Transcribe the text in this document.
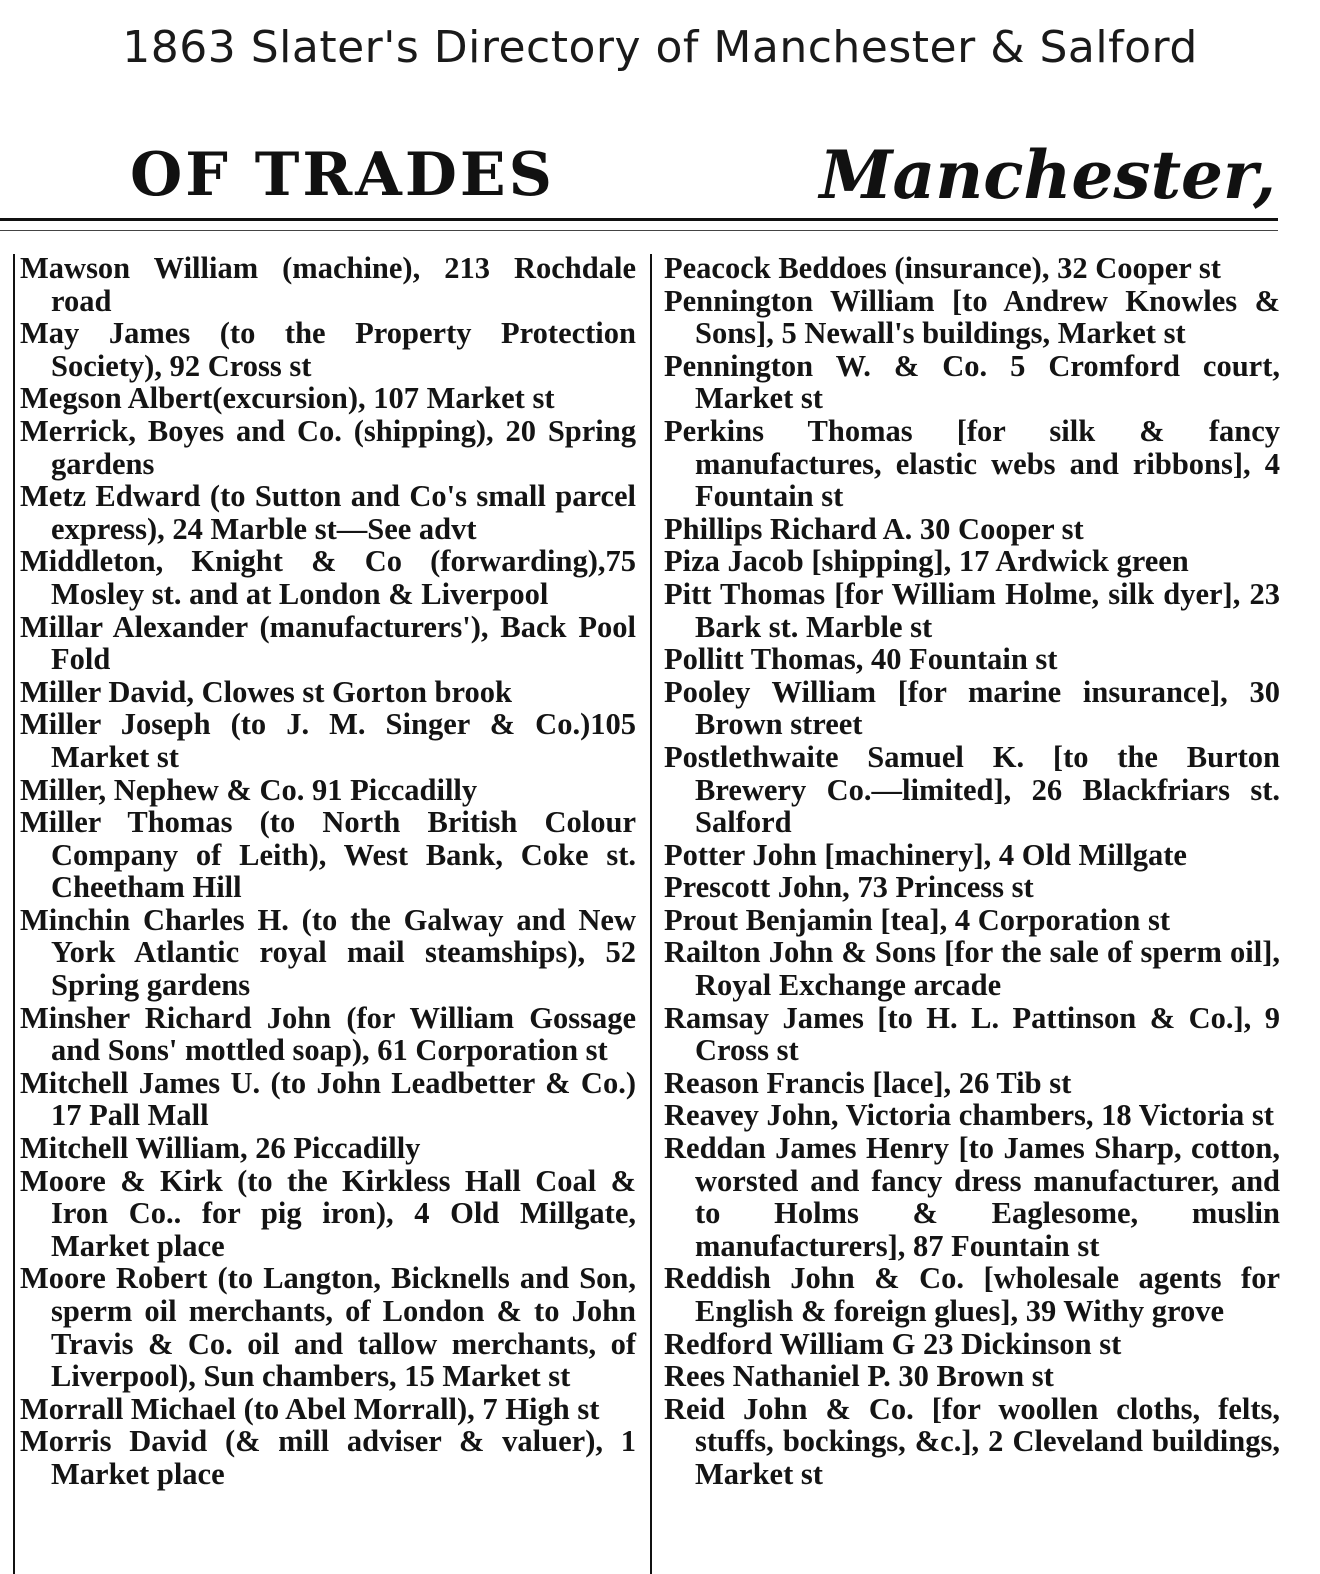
1863 Slater's Directory of Manchester & Salford
OF TRADES	Manchester,

Mawson William (machine), 213 Rochdale road

May James (to the Property Protection Society), 92 Cross st

Megson Albert(excursion), 107 Market st

Merrick, Boyes and Co. (shipping), 20 Spring gardens

Metz Edward (to Sutton and Co's small parcel express), 24 Marble st—See advt

Middleton, Knight & Co (forwarding),75 Mosley st. and at London & Liverpool

Millar Alexander (manufacturers'), Back Pool Fold

Miller David, Clowes st Gorton brook

Miller Joseph (to J. M. Singer & Co.)105 Market st

Miller, Nephew & Co. 91 Piccadilly

Miller Thomas (to North British Colour Company of Leith), West Bank, Coke st. Cheetham Hill

Minchin Charles H. (to the Galway and New York Atlantic royal mail steamships), 52 Spring gardens

Minsher Richard John (for William Gossage and Sons' mottled soap), 61 Corporation st

Mitchell James U. (to John Leadbetter & Co.) 17 Pall Mall

Mitchell William, 26 Piccadilly

Moore & Kirk (to the Kirkless Hall Coal & Iron Co.. for pig iron), 4 Old Millgate, Market place

Moore Robert (to Langton, Bicknells and Son, sperm oil merchants, of London & to John Travis & Co. oil and tallow merchants, of Liverpool), Sun chambers, 15 Market st

Morrall Michael (to Abel Morrall), 7 High st

Morris David (& mill adviser & valuer), 1 Market place

Peacock Beddoes (insurance), 32 Cooper st

Pennington William [to Andrew Knowles & Sons], 5 Newall's buildings, Market st

Pennington W. & Co. 5 Cromford court, Market st

Perkins Thomas [for silk & fancy manufactures, elastic webs and ribbons], 4 Fountain st

Phillips Richard A. 30 Cooper st

Piza Jacob [shipping], 17 Ardwick green

Pitt Thomas [for William Holme, silk dyer], 23 Bark st. Marble st

Pollitt Thomas, 40 Fountain st

Pooley William [for marine insurance], 30 Brown street

Postlethwaite Samuel K. [to the Burton Brewery Co.—limited], 26 Blackfriars st. Salford

Potter John [machinery], 4 Old Millgate

Prescott John, 73 Princess st

Prout Benjamin [tea], 4 Corporation st

Railton John & Sons [for the sale of sperm oil], Royal Exchange arcade

Ramsay James [to H. L. Pattinson & Co.], 9 Cross st

Reason Francis [lace], 26 Tib st

Reavey John, Victoria chambers, 18 Victoria st

Reddan James Henry [to James Sharp, cotton, worsted and fancy dress manufacturer, and to Holms & Eaglesome, muslin manufacturers], 87 Fountain st

Reddish John & Co. [wholesale agents for English & foreign glues], 39 Withy grove

Redford William G 23 Dickinson st

Rees Nathaniel P. 30 Brown st

Reid John & Co. [for woollen cloths, felts, stuffs, bockings, &c.], 2 Cleveland buildings, Market st
